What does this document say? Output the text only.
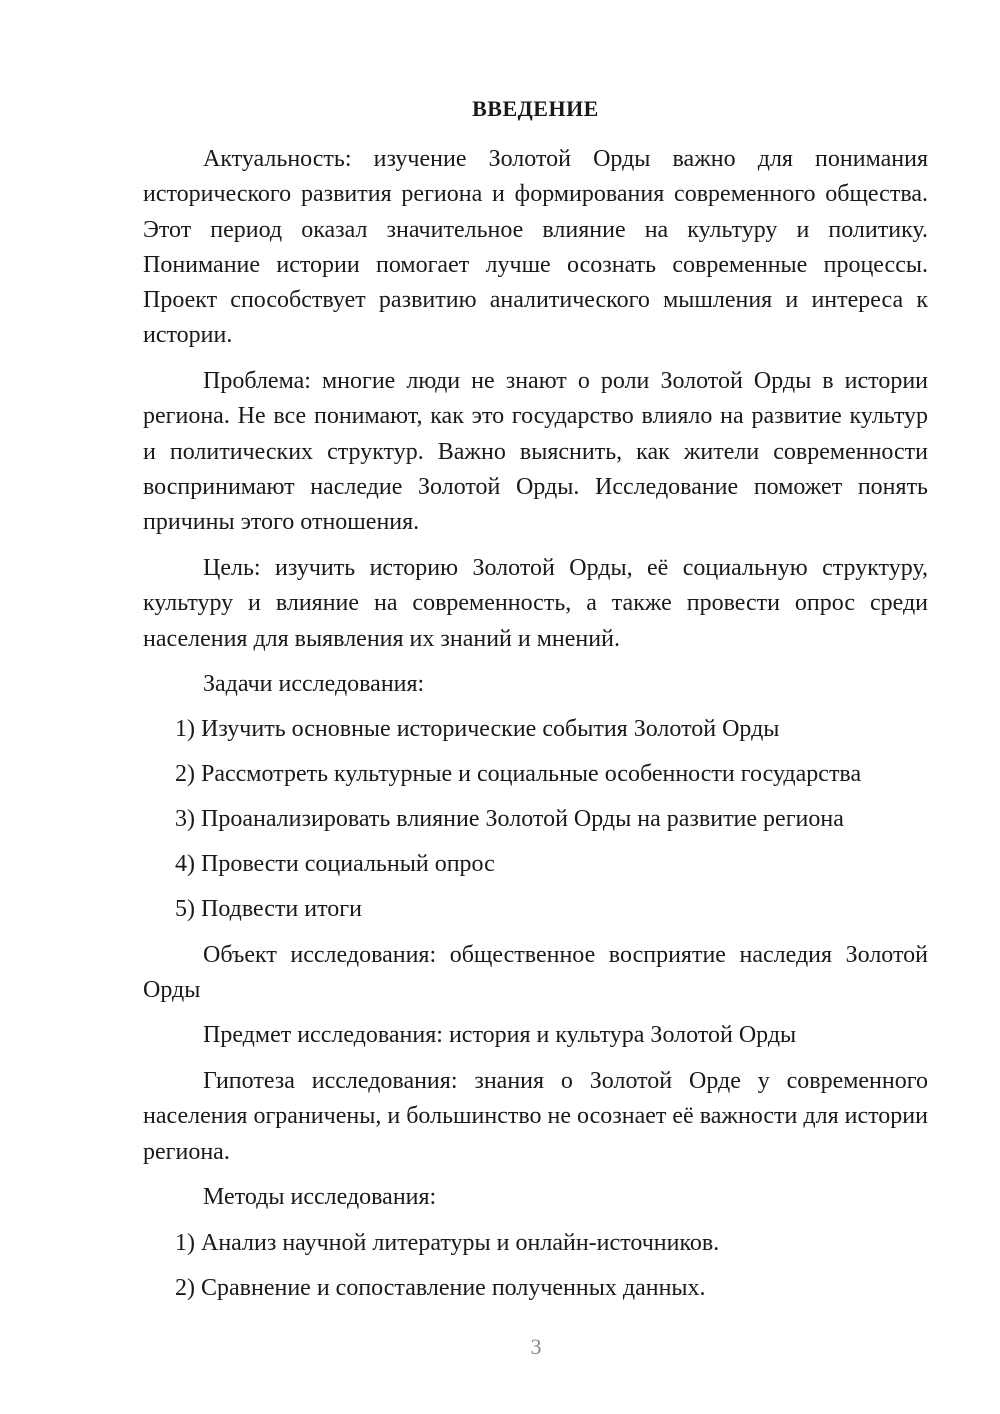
ВВЕДЕНИЕ

Актуальность: изучение Золотой Орды важно для понимания исторического развития региона и формирования современного общества. Этот период оказал значительное влияние на культуру и политику. Понимание истории помогает лучше осознать современные процессы. Проект способствует развитию аналитического мышления и интереса к истории.

Проблема: многие люди не знают о роли Золотой Орды в истории региона. Не все понимают, как это государство влияло на развитие культур и политических структур. Важно выяснить, как жители современности воспринимают наследие Золотой Орды. Исследование поможет понять причины этого отношения.

Цель: изучить историю Золотой Орды, её социальную структуру, культуру и влияние на современность, а также провести опрос среди населения для выявления их знаний и мнений.

Задачи исследования:

1) Изучить основные исторические события Золотой Орды

2) Рассмотреть культурные и социальные особенности государства

3) Проанализировать влияние Золотой Орды на развитие региона

4) Провести социальный опрос

5) Подвести итоги

Объект исследования: общественное восприятие наследия Золотой Орды

Предмет исследования: история и культура Золотой Орды

Гипотеза исследования: знания о Золотой Орде у современного населения ограничены, и большинство не осознает её важности для истории региона.

Методы исследования:

1) Анализ научной литературы и онлайн-источников.

2) Сравнение и сопоставление полученных данных.

3
